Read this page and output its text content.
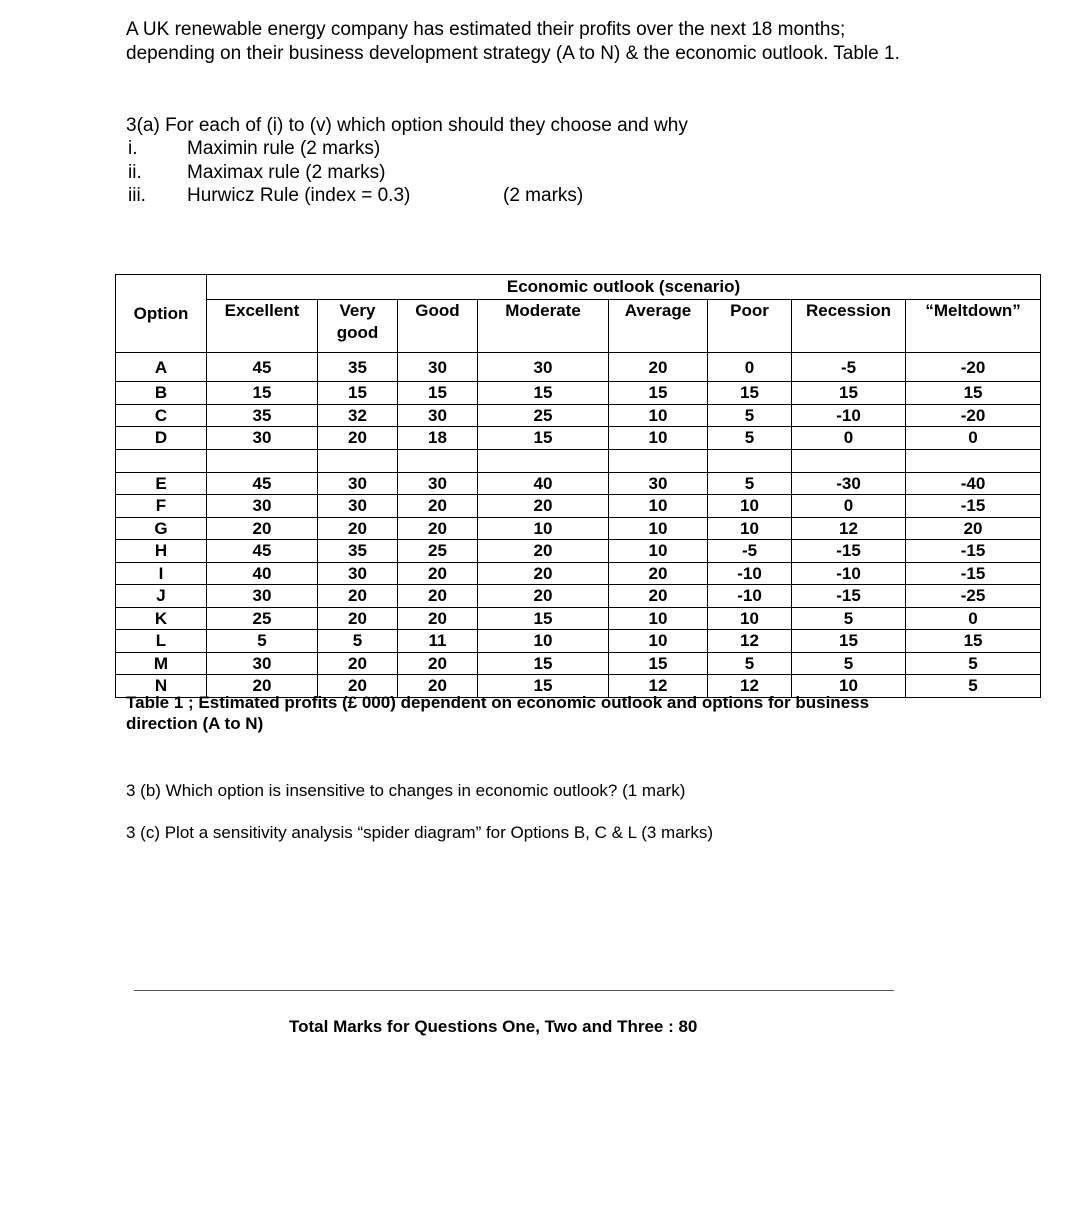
A UK renewable energy company has estimated their profits over the next 18 months; depending on their business development strategy (A to N) & the economic outlook. Table 1.

3(a) For each of (i) to (v) which option should they choose and why

i.	Maximin rule (2 marks)
ii.	Maximax rule (2 marks)
iii.	Hurwicz Rule (index = 0.3)	(2 marks)
Option	Economic outlook (scenario)							
	Excellent	Very good	Good	Moderate	Average	Poor	Recession	“Meltdown”
A	45	35	30	30	20	0	-5	-20
B	15	15	15	15	15	15	15	15
C	35	32	30	25	10	5	-10	-20
D	30	20	18	15	10	5	0	0

E	45	30	30	40	30	5	-30	-40
F	30	30	20	20	10	10	0	-15
G	20	20	20	10	10	10	12	20
H	45	35	25	20	10	-5	-15	-15
I	40	30	20	20	20	-10	-10	-15
J	30	20	20	20	20	-10	-15	-25
K	25	20	20	15	10	10	5	0
L	5	5	11	10	10	12	15	15
M	30	20	20	15	15	5	5	5
N	20	20	20	15	12	12	10	5

Table 1 ; Estimated profits (£ 000) dependent on economic outlook and options for business direction (A to N)

3 (b) Which option is insensitive to changes in economic outlook? (1 mark)

3 (c) Plot a sensitivity analysis “spider diagram” for Options B, C & L (3 marks)

Total Marks for Questions One, Two and Three : 80
